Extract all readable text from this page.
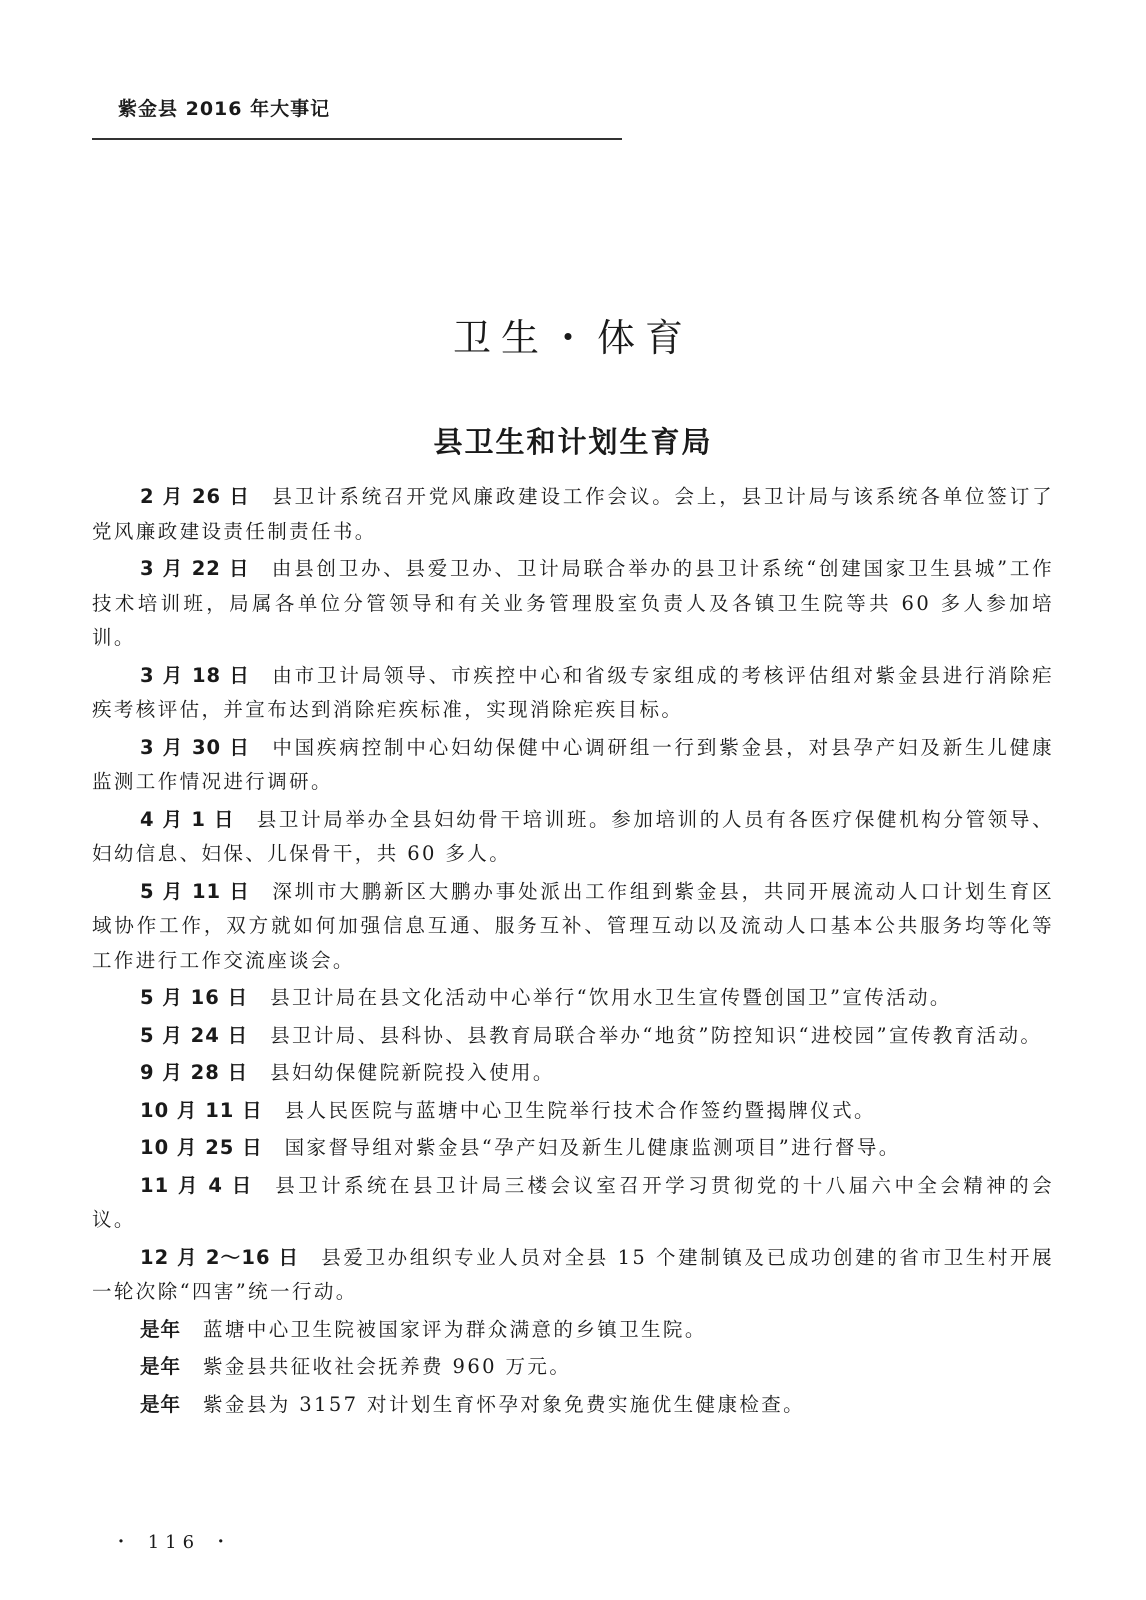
紫金县 2016 年大事记
卫生・体育
县卫生和计划生育局

2 月 26 日 县卫计系统召开党风廉政建设工作会议。会上，县卫计局与该系统各单位签订了党风廉政建设责任制责任书。

3 月 22 日 由县创卫办、县爱卫办、卫计局联合举办的县卫计系统“创建国家卫生县城”工作技术培训班，局属各单位分管领导和有关业务管理股室负责人及各镇卫生院等共 60 多人参加培训。

3 月 18 日 由市卫计局领导、市疾控中心和省级专家组成的考核评估组对紫金县进行消除疟疾考核评估，并宣布达到消除疟疾标准，实现消除疟疾目标。

3 月 30 日 中国疾病控制中心妇幼保健中心调研组一行到紫金县，对县孕产妇及新生儿健康监测工作情况进行调研。

4 月 1 日 县卫计局举办全县妇幼骨干培训班。参加培训的人员有各医疗保健机构分管领导、妇幼信息、妇保、儿保骨干，共 60 多人。

5 月 11 日 深圳市大鹏新区大鹏办事处派出工作组到紫金县，共同开展流动人口计划生育区域协作工作，双方就如何加强信息互通、服务互补、管理互动以及流动人口基本公共服务均等化等工作进行工作交流座谈会。

5 月 16 日 县卫计局在县文化活动中心举行“饮用水卫生宣传暨创国卫”宣传活动。

5 月 24 日 县卫计局、县科协、县教育局联合举办“地贫”防控知识“进校园”宣传教育活动。

9 月 28 日 县妇幼保健院新院投入使用。

10 月 11 日 县人民医院与蓝塘中心卫生院举行技术合作签约暨揭牌仪式。

10 月 25 日 国家督导组对紫金县“孕产妇及新生儿健康监测项目”进行督导。

11 月 4 日 县卫计系统在县卫计局三楼会议室召开学习贯彻党的十八届六中全会精神的会议。

12 月 2～16 日 县爱卫办组织专业人员对全县 15 个建制镇及已成功创建的省市卫生村开展一轮次除“四害”统一行动。

是年 蓝塘中心卫生院被国家评为群众满意的乡镇卫生院。

是年 紫金县共征收社会抚养费 960 万元。

是年 紫金县为 3157 对计划生育怀孕对象免费实施优生健康检查。

・ 116 ・
